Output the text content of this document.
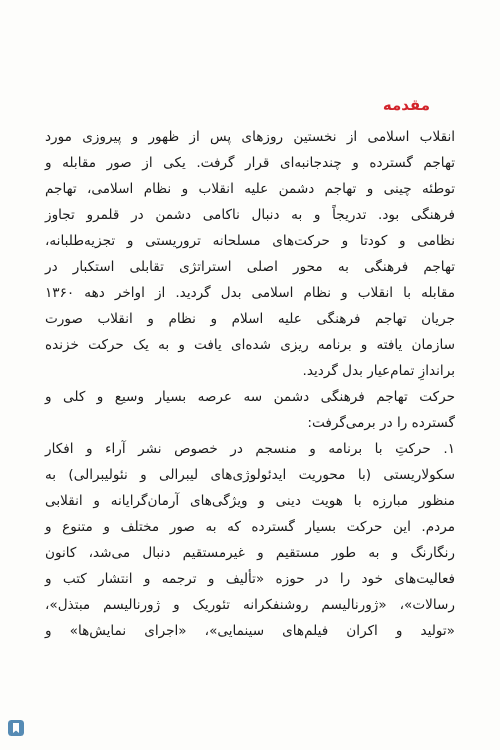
مقدمه
انقلاب اسلامی از نخستین روزهای پس از ظهور و پیروزی مورد
تهاجم گسترده و چندجانبه‌ای قرار گرفت. یکی از صور مقابله و
توطئه چینی و تهاجم دشمن علیه انقلاب و نظام اسلامی، تهاجم
فرهنگی بود. تدریجاً و به دنبال ناکامی دشمن در قلمرو تجاوز
نظامی و کودتا و حرکت‌های مسلحانه تروریستی و تجزیه‌طلبانه،
تهاجم فرهنگی به محور اصلی استراتژی تقابلی استکبار در
مقابله با انقلاب و نظام اسلامی بدل گردید. از اواخر دهه ۱۳۶۰
جریان تهاجم فرهنگی علیه اسلام و نظام و انقلاب صورت
سازمان یافته و برنامه ریزی شده‌ای یافت و به یک حرکت خزنده
براندازِ تمام‌عیار بدل گردید.
حرکت تهاجم فرهنگی دشمن سه عرصه بسیار وسیع و کلی و
گسترده را در برمی‌گرفت:
۱. حرکتِ با برنامه و منسجم در خصوص نشر آراء و افکار
سکولاریستی (با محوریت ایدئولوژی‌های لیبرالی و نئولیبرالی) به
منظور مبارزه با هویت دینی و ویژگی‌های آرمان‌گرایانه و انقلابی
مردم. این حرکت بسیار گسترده که به صور مختلف و متنوع و
رنگارنگ و به طور مستقیم و غیرمستقیم دنبال می‌شد، کانون
فعالیت‌های خود را در حوزه «تألیف و ترجمه و انتشار کتب و
رسالات»، «ژورنالیسم روشنفکرانه تئوریک و ژورنالیسم مبتذل»،
«تولید و اکران فیلم‌های سینمایی»، «اجرای نمایش‌ها» و
